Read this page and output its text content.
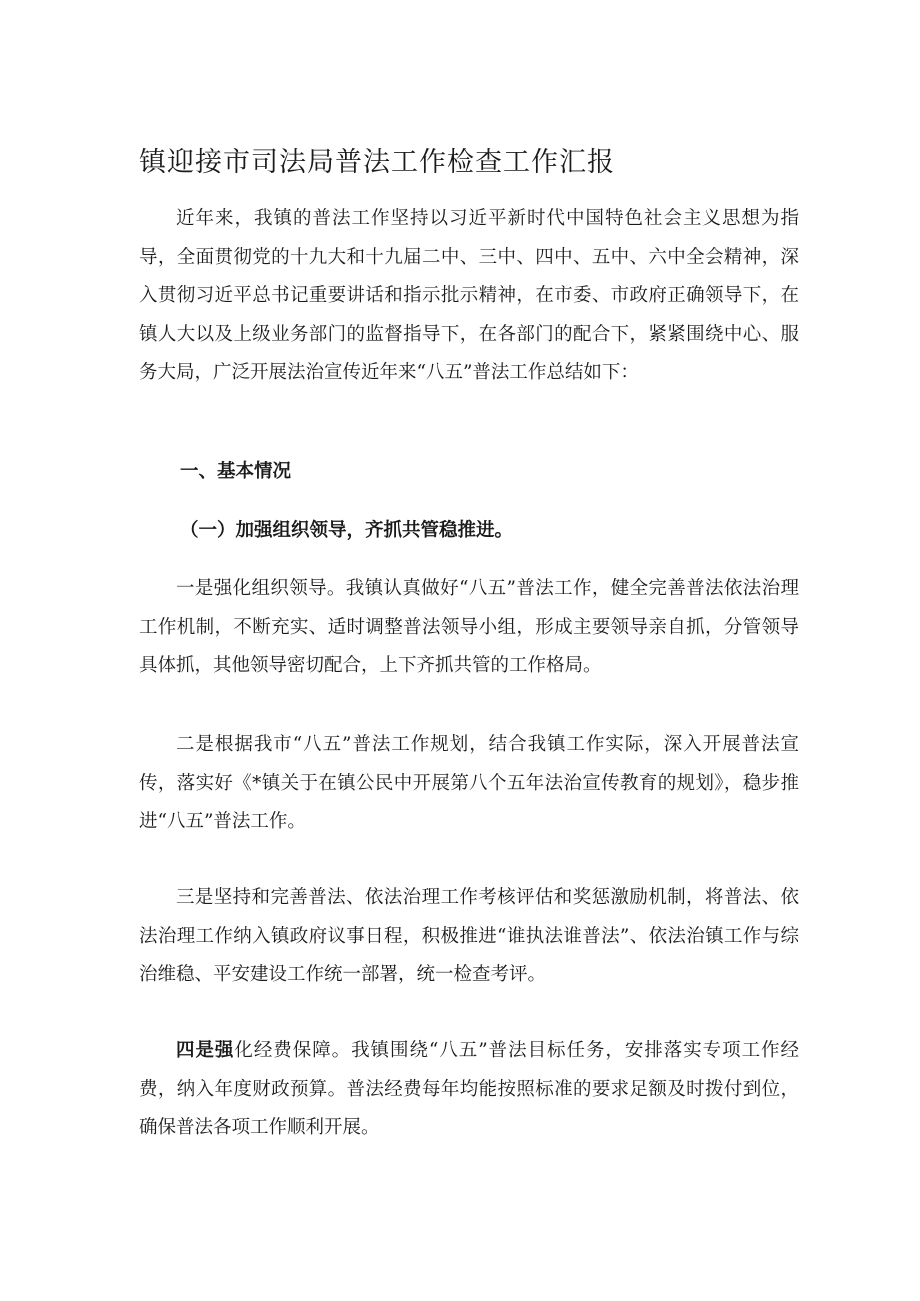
镇迎接市司法局普法工作检查工作汇报

近年来，我镇的普法工作坚持以习近平新时代中国特色社会主义思想为指导，全面贯彻党的十九大和十九届二中、三中、四中、五中、六中全会精神，深入贯彻习近平总书记重要讲话和指示批示精神，在市委、市政府正确领导下，在镇人大以及上级业务部门的监督指导下，在各部门的配合下，紧紧围绕中心、服务大局，广泛开展法治宣传近年来“八五”普法工作总结如下：

一、基本情况
（一）加强组织领导，齐抓共管稳推进。

一是强化组织领导。我镇认真做好“八五”普法工作，健全完善普法依法治理工作机制，不断充实、适时调整普法领导小组，形成主要领导亲自抓，分管领导具体抓，其他领导密切配合，上下齐抓共管的工作格局。

二是根据我市“八五”普法工作规划，结合我镇工作实际，深入开展普法宣传，落实好《*镇关于在镇公民中开展第八个五年法治宣传教育的规划》，稳步推进“八五”普法工作。

三是坚持和完善普法、依法治理工作考核评估和奖惩激励机制，将普法、依法治理工作纳入镇政府议事日程，积极推进“谁执法谁普法”、依法治镇工作与综治维稳、平安建设工作统一部署，统一检查考评。

四是强化经费保障。我镇围绕“八五”普法目标任务，安排落实专项工作经费，纳入年度财政预算。普法经费每年均能按照标准的要求足额及时拨付到位，确保普法各项工作顺利开展。
